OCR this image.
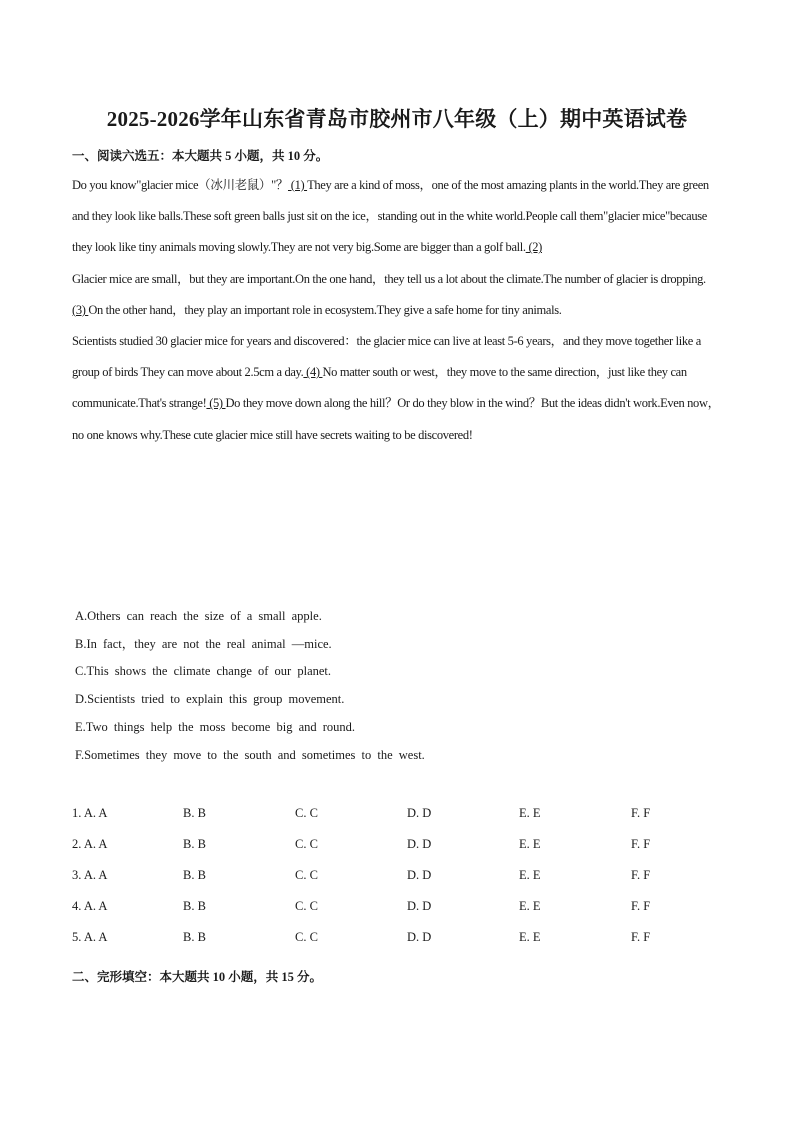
2025-2026学年山东省青岛市胶州市八年级（上）期中英语试卷
一、阅读六选五：本大题共 5 小题，共 10 分。

Do you know"glacier mice（冰川老鼠）"？ (1) They are a kind of moss，one of the most amazing plants in the world.They are green and they look like balls.These soft green balls just sit on the ice，standing out in the white world.People call them"glacier mice"because they look like tiny animals moving slowly.They are not very big.Some are bigger than a golf ball. (2)

Glacier mice are small，but they are important.On the one hand，they tell us a lot about the climate.The number of glacier is dropping. (3) On the other hand，they play an important role in ecosystem.They give a safe home for tiny animals.

Scientists studied 30 glacier mice for years and discovered：the glacier mice can live at least 5-6 years，and they move together like a group of birds They can move about 2.5cm a day. (4) No matter south or west，they move to the same direction，just like they can communicate.That's strange! (5) Do they move down along the hill？Or do they blow in the wind？But the ideas didn't work.Even now，no one knows why.These cute glacier mice still have secrets waiting to be discovered!

A.Others can reach the size of a small apple.
B.In fact，they are not the real animal —mice.
C.This shows the climate change of our planet.
D.Scientists tried to explain this group movement.
E.Two things help the moss become big and round.
F.Sometimes they move to the south and sometimes to the west.
1. A. A	B. B	C. C	D. D	E. E	F. F
2. A. A	B. B	C. C	D. D	E. E	F. F
3. A. A	B. B	C. C	D. D	E. E	F. F
4. A. A	B. B	C. C	D. D	E. E	F. F
5. A. A	B. B	C. C	D. D	E. E	F. F
二、完形填空：本大题共 10 小题，共 15 分。
